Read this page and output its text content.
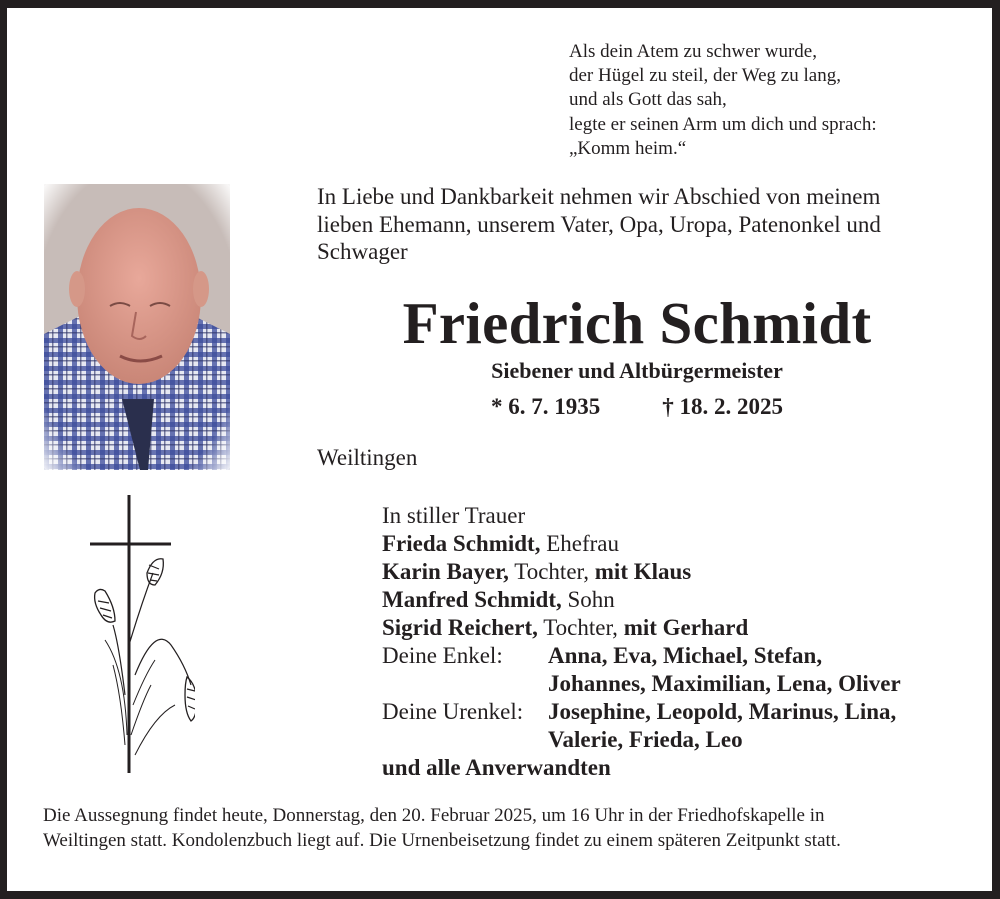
Als dein Atem zu schwer wurde,
der Hügel zu steil, der Weg zu lang,
und als Gott das sah,
legte er seinen Arm um dich und sprach:
„Komm heim.“
In Liebe und Dankbarkeit nehmen wir Abschied von meinem
lieben Ehemann, unserem Vater, Opa, Uropa, Patenonkel und
Schwager
Friedrich Schmidt
Siebener und Altbürgermeister
* 6. 7. 1935	† 18. 2. 2025
Weiltingen
In stiller Trauer
Frieda Schmidt, Ehefrau
Karin Bayer, Tochter, mit Klaus
Manfred Schmidt, Sohn
Sigrid Reichert, Tochter, mit Gerhard
Deine Enkel:	Anna, Eva, Michael, Stefan,
Johannes, Maximilian, Lena, Oliver
Deine Urenkel:	Josephine, Leopold, Marinus, Lina,
Valerie, Frieda, Leo
und alle Anverwandten
Die Aussegnung findet heute, Donnerstag, den 20. Februar 2025, um 16 Uhr in der Friedhofskapelle in
Weiltingen statt. Kondolenzbuch liegt auf. Die Urnenbeisetzung findet zu einem späteren Zeitpunkt statt.
